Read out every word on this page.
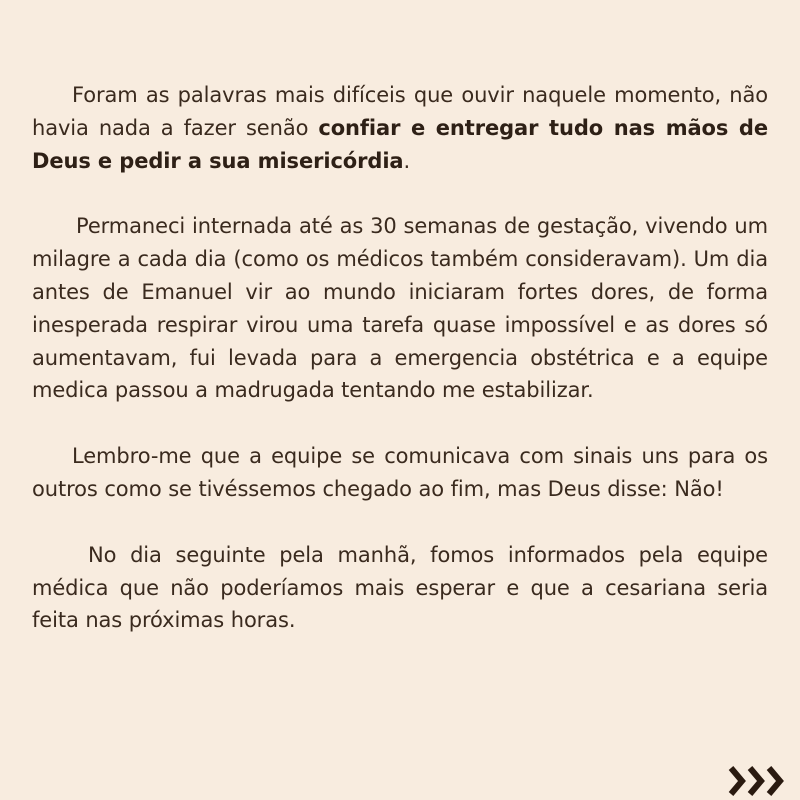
Foram as palavras mais difíceis que ouvir naquele momento, não havia nada a fazer senão confiar e entregar tudo nas mãos de Deus e pedir a sua misericórdia.

Permaneci internada até as 30 semanas de gestação, vivendo um milagre a cada dia (como os médicos também consideravam). Um dia antes de Emanuel vir ao mundo iniciaram fortes dores, de forma inesperada respirar virou uma tarefa quase impossível e as dores só aumentavam, fui levada para a emergencia obstétrica e a equipe medica passou a madrugada tentando me estabilizar.

Lembro-me que a equipe se comunicava com sinais uns para os outros como se tivéssemos chegado ao fim, mas Deus disse: Não!

No dia seguinte pela manhã, fomos informados pela equipe médica que não poderíamos mais esperar e que a cesariana seria feita nas próximas horas.
